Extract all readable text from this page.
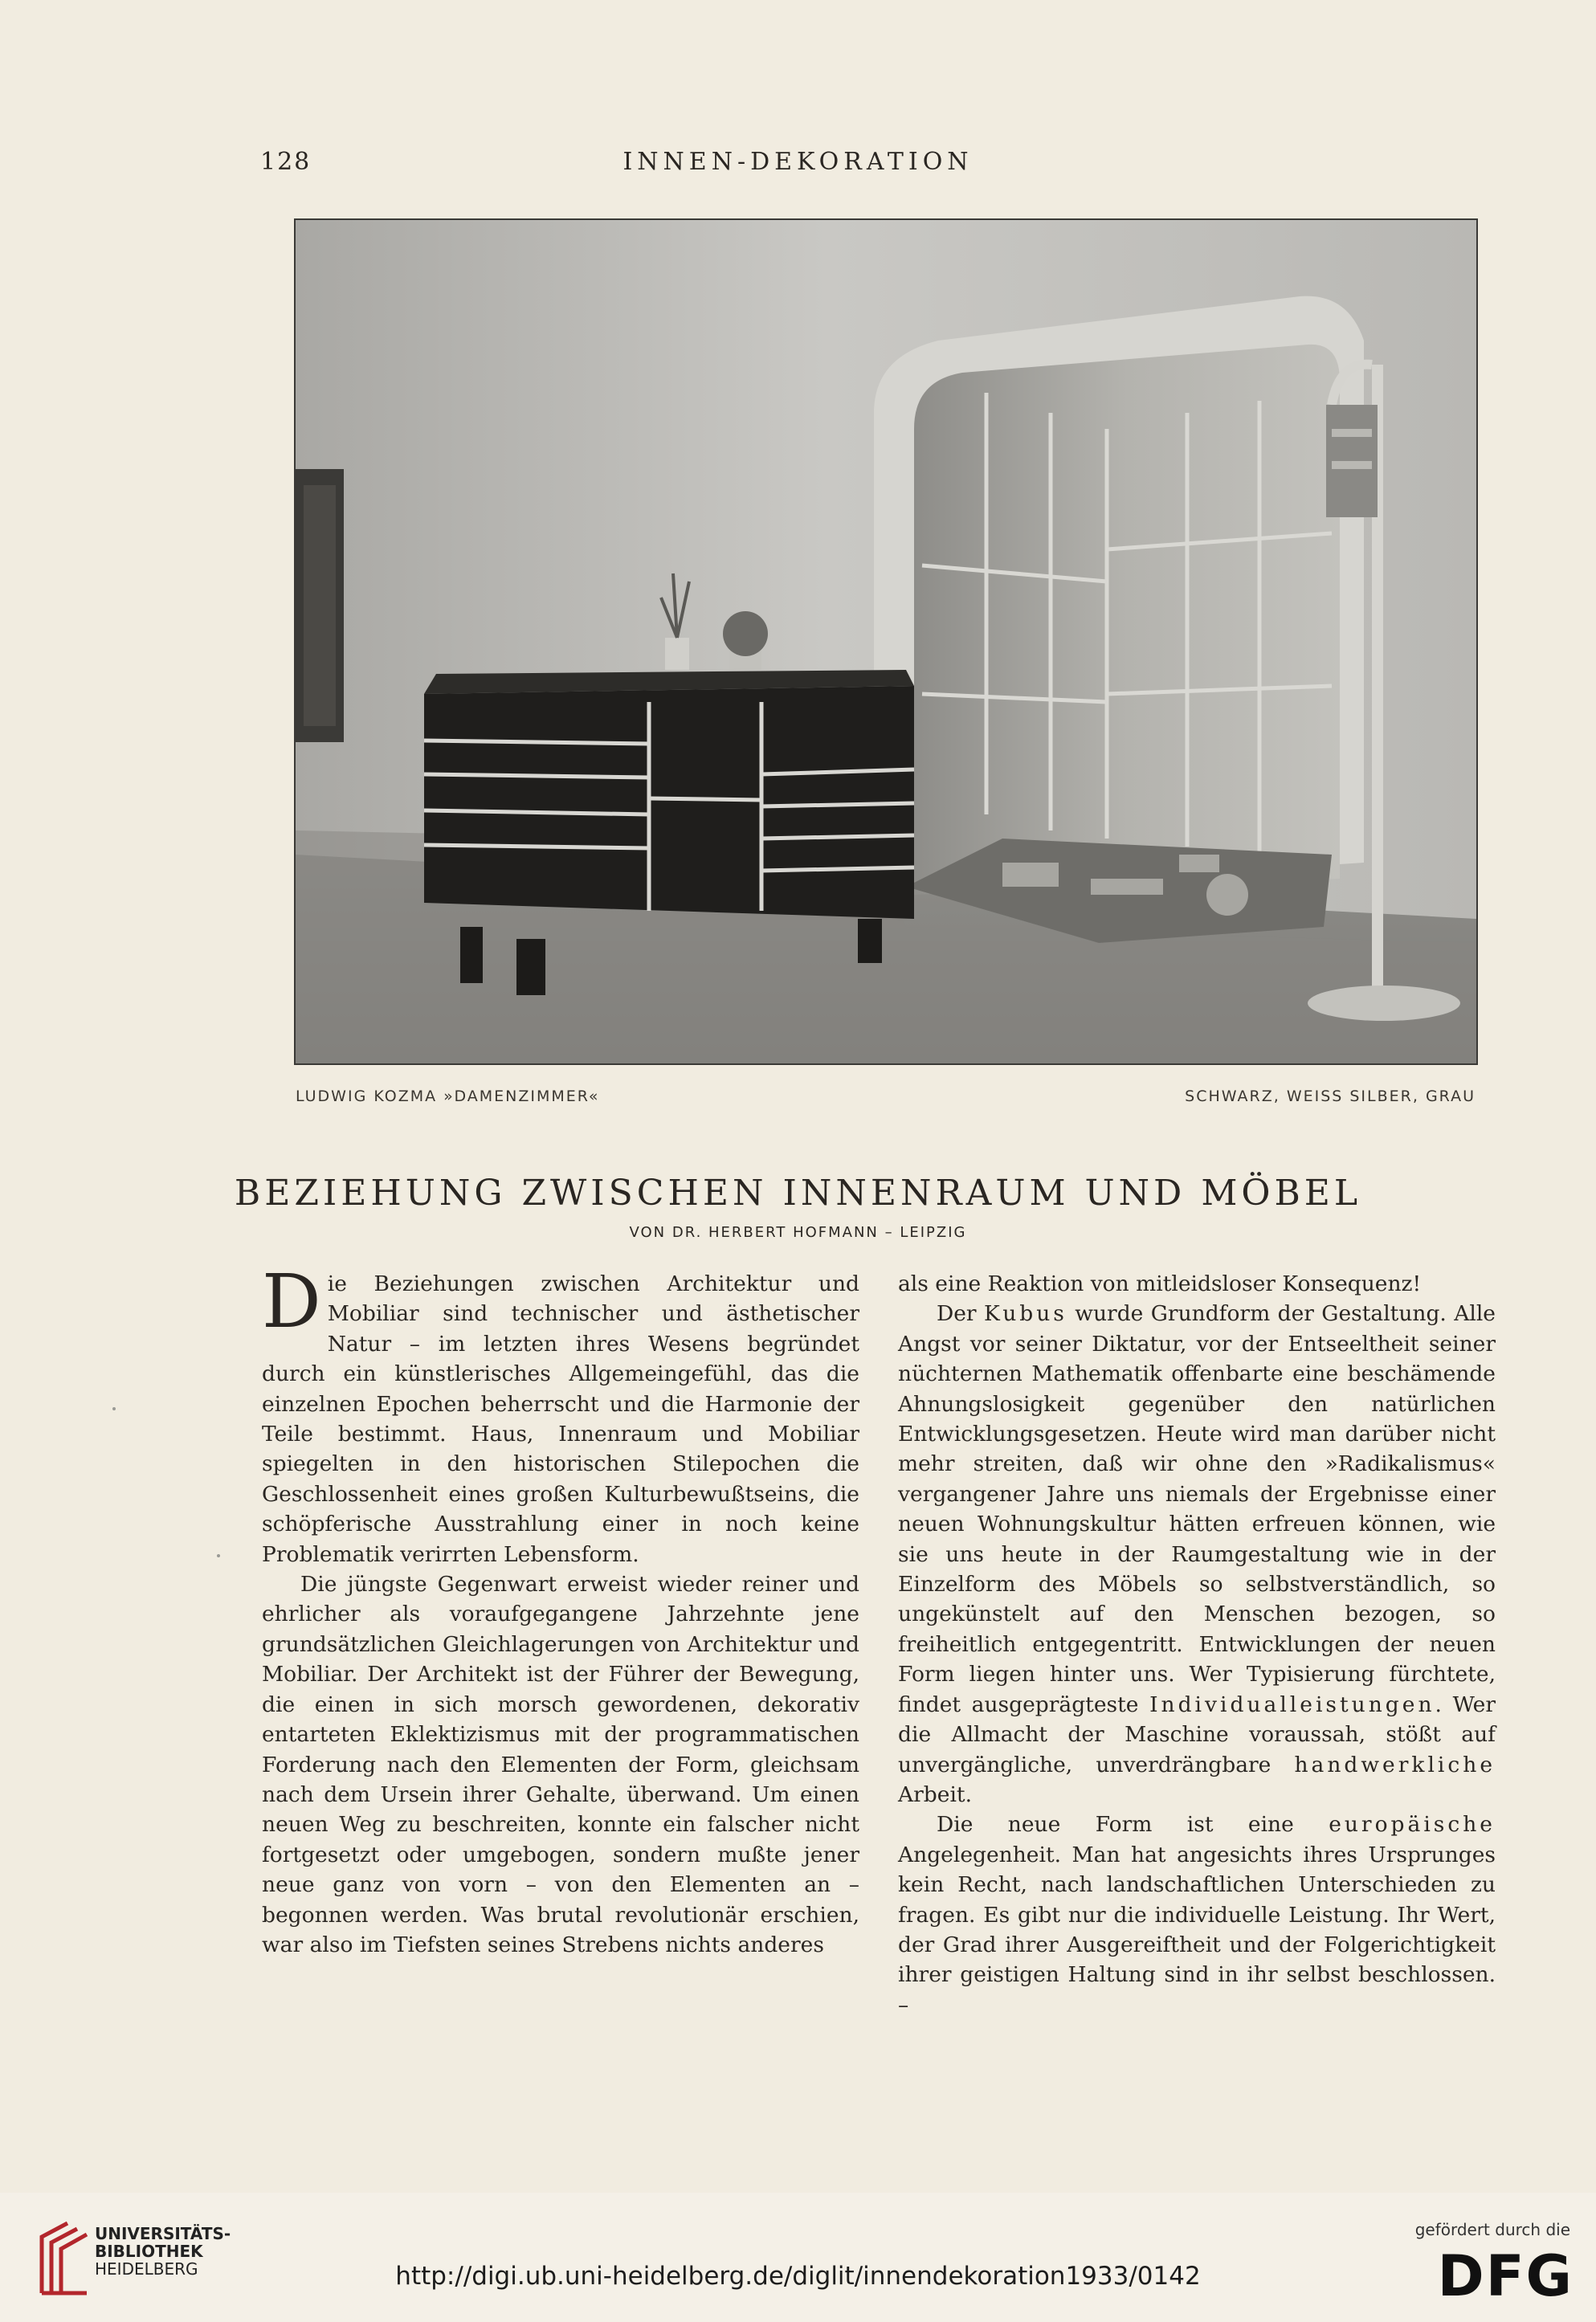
128	INNEN-DEKORATION
LUDWIG KOZMA »DAMENZIMMER«	SCHWARZ, WEISS SILBER, GRAU
BEZIEHUNG ZWISCHEN INNENRAUM UND MÖBEL
VON DR. HERBERT HOFMANN – LEIPZIG

Die Beziehungen zwischen Architektur und Mobiliar sind technischer und ästhetischer Natur – im letzten ihres Wesens begründet durch ein künstlerisches Allgemeingefühl, das die einzelnen Epochen beherrscht und die Harmonie der Teile bestimmt. Haus, Innenraum und Mobiliar spiegelten in den historischen Stilepochen die Geschlossenheit eines großen Kulturbewußtseins, die schöpferische Ausstrahlung einer in noch keine Problematik verirrten Lebensform.

Die jüngste Gegenwart erweist wieder reiner und ehrlicher als voraufgegangene Jahrzehnte jene grundsätzlichen Gleichlagerungen von Architektur und Mobiliar. Der Architekt ist der Führer der Bewegung, die einen in sich morsch gewordenen, dekorativ entarteten Eklektizismus mit der programmatischen Forderung nach den Elementen der Form, gleichsam nach dem Ursein ihrer Gehalte, überwand. Um einen neuen Weg zu beschreiten, konnte ein falscher nicht fortgesetzt oder umgebogen, sondern mußte jener neue ganz von vorn – von den Elementen an – begonnen werden. Was brutal revolutionär erschien, war also im Tiefsten seines Strebens nichts anderes

als eine Reaktion von mitleidsloser Konsequenz!

Der Kubus wurde Grundform der Gestaltung. Alle Angst vor seiner Diktatur, vor der Entseeltheit seiner nüchternen Mathematik offenbarte eine beschämende Ahnungslosigkeit gegenüber den natürlichen Entwicklungsgesetzen. Heute wird man darüber nicht mehr streiten, daß wir ohne den »Radikalismus« vergangener Jahre uns niemals der Ergebnisse einer neuen Wohnungskultur hätten erfreuen können, wie sie uns heute in der Raumgestaltung wie in der Einzelform des Möbels so selbstverständlich, so ungekünstelt auf den Menschen bezogen, so freiheitlich entgegentritt. Entwicklungen der neuen Form liegen hinter uns. Wer Typisierung fürchtete, findet ausgeprägteste Individualleistungen. Wer die Allmacht der Maschine voraussah, stößt auf unvergängliche, unverdrängbare handwerkliche Arbeit.

Die neue Form ist eine europäische Angelegenheit. Man hat angesichts ihres Ursprunges kein Recht, nach landschaftlichen Unterschieden zu fragen. Es gibt nur die individuelle Leistung. Ihr Wert, der Grad ihrer Ausgereiftheit und der Folgerichtigkeit ihrer geistigen Haltung sind in ihr selbst beschlossen. –

UNIVERSITÄTS-
BIBLIOTHEK
HEIDELBERG	http://digi.ub.uni-heidelberg.de/diglit/innendekoration1933/0142
gefördert durch die
DFG
